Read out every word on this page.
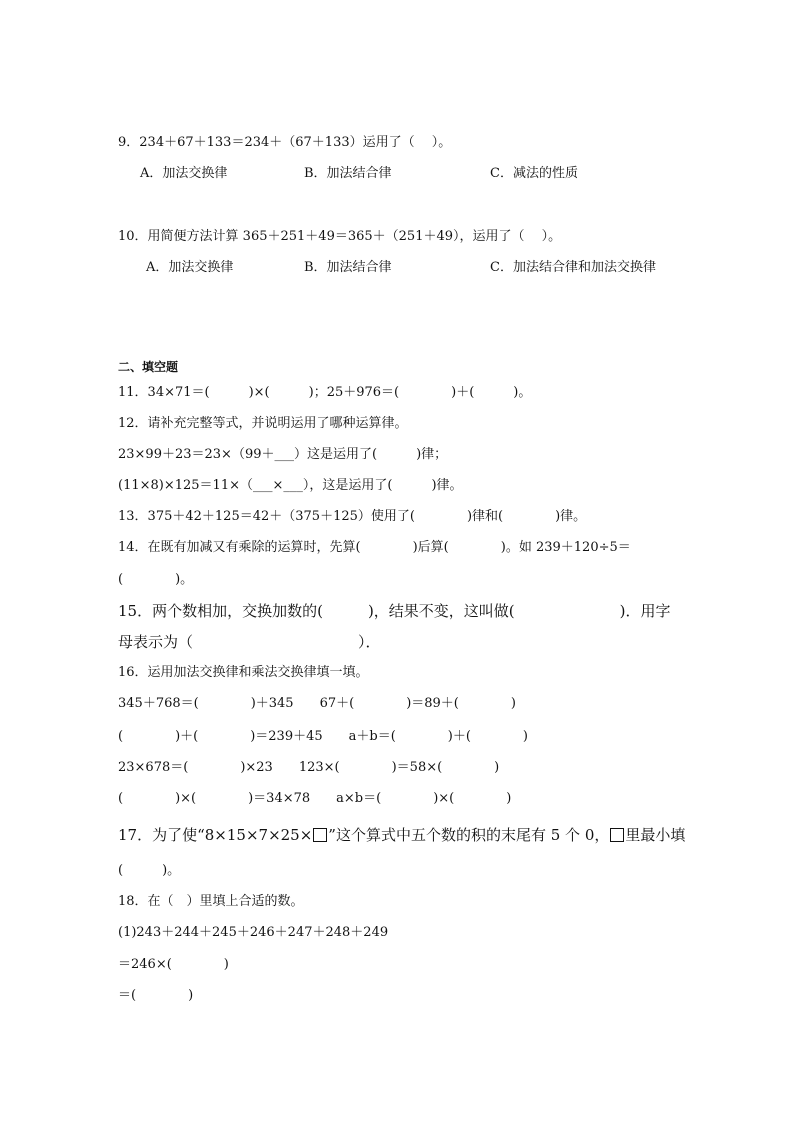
9．234＋67＋133＝234＋（67＋133）运用了（　 ）。
A．加法交换律	B．加法结合律	C．减法的性质
10．用简便方法计算 365＋251＋49＝365＋（251＋49），运用了（　 ）。
A．加法交换律	B．加法结合律	C．加法结合律和加法交换律
二、填空题
11．34×71＝(　　　)×(　　　)；25＋976＝(　　　　)＋(　　　)。
12．请补充完整等式，并说明运用了哪种运算律。
23×99＋23＝23×（99＋___）这是运用了(　　　)律；
(11×8)×125＝11×（___×___），这是运用了(　　　)律。
13．375＋42＋125＝42＋（375＋125）使用了(　　　　)律和(　　　　)律。
14．在既有加减又有乘除的运算时，先算(　　　　)后算(　　　　)。如 239＋120÷5＝
(　　　　)。
15．两个数相加，交换加数的(　　　)，结果不变，这叫做(　　　　　　　)．用字
母表示为（　　　　　　　　　　　）．
16．运用加法交换律和乘法交换律填一填。
345＋768＝(　　　　)＋345　　67＋(　　　　)＝89＋(　　　　)
(　　　　)＋(　　　　)＝239＋45　　a＋b＝(　　　　)＋(　　　　)
23×678＝(　　　　)×23　　123×(　　　　)＝58×(　　　　)
(　　　　)×(　　　　)＝34×78　　a×b＝(　　　　)×(　　　　)
17．为了使“8×15×7×25× ”这个算式中五个数的积的末尾有 5 个 0， 里最小填
(　　　)。
18．在（　）里填上合适的数。
(1)243＋244＋245＋246＋247＋248＋249
＝246×(　　　　)
＝(　　　　)
